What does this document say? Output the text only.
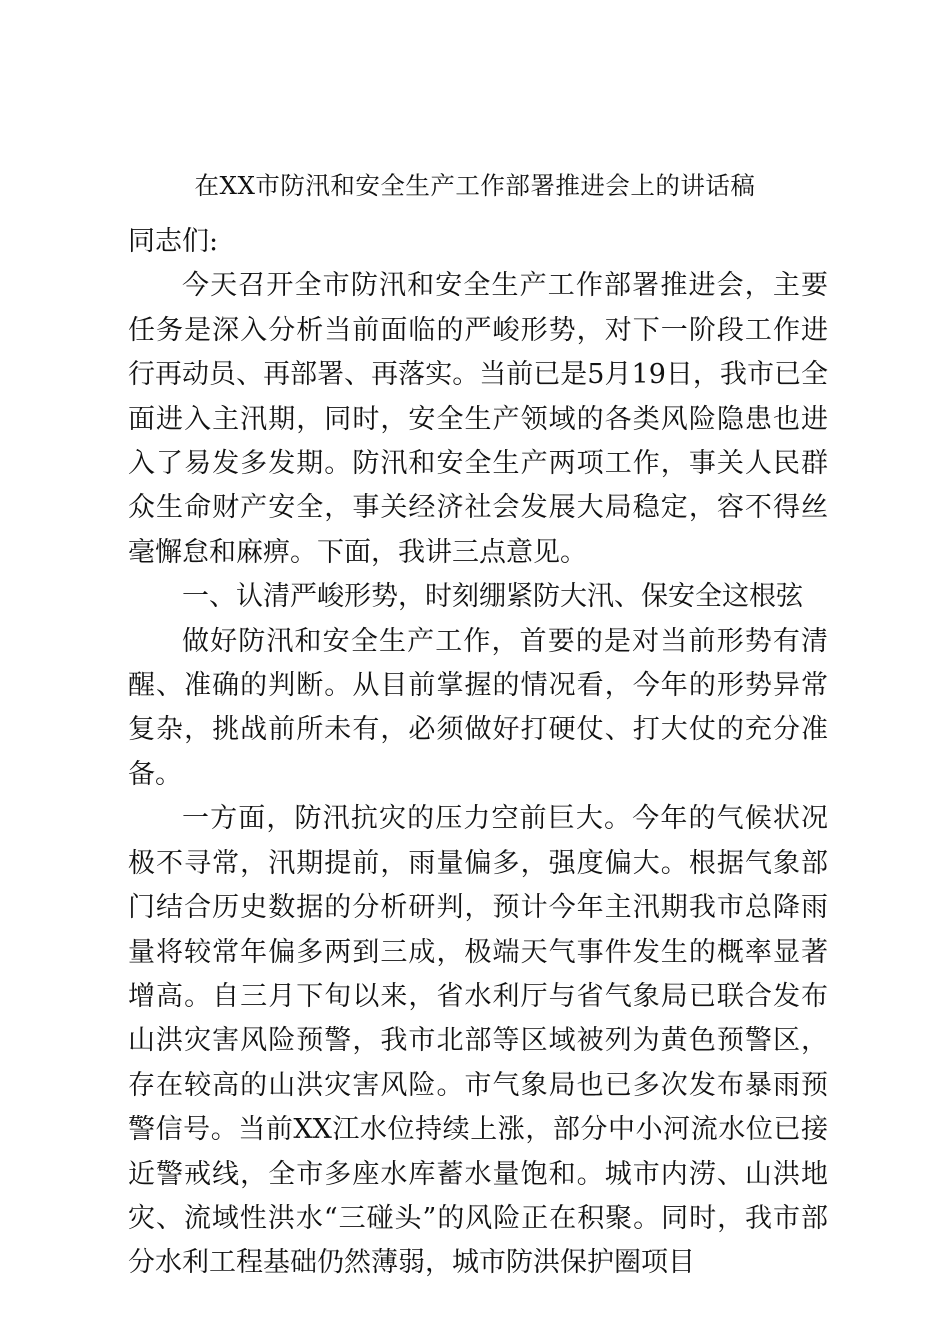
在XX市防汛和安全生产工作部署推进会上的讲话稿

同志们:

今天召开全市防汛和安全生产工作部署推进会，主要任务是深入分析当前面临的严峻形势，对下一阶段工作进行再动员、再部署、再落实。当前已是5月19日，我市已全面进入主汛期，同时，安全生产领域的各类风险隐患也进入了易发多发期。防汛和安全生产两项工作，事关人民群众生命财产安全，事关经济社会发展大局稳定，容不得丝毫懈怠和麻痹。下面，我讲三点意见。

一、认清严峻形势，时刻绷紧防大汛、保安全这根弦

做好防汛和安全生产工作，首要的是对当前形势有清醒、准确的判断。从目前掌握的情况看，今年的形势异常复杂，挑战前所未有，必须做好打硬仗、打大仗的充分准备。

一方面，防汛抗灾的压力空前巨大。今年的气候状况极不寻常，汛期提前，雨量偏多，强度偏大。根据气象部门结合历史数据的分析研判，预计今年主汛期我市总降雨量将较常年偏多两到三成，极端天气事件发生的概率显著增高。自三月下旬以来，省水利厅与省气象局已联合发布山洪灾害风险预警，我市北部等区域被列为黄色预警区，存在较高的山洪灾害风险。市气象局也已多次发布暴雨预警信号。当前XX江水位持续上涨，部分中小河流水位已接近警戒线，全市多座水库蓄水量饱和。城市内涝、山洪地灾、流域性洪水“三碰头”的风险正在积聚。同时，我市部分水利工程基础仍然薄弱，城市防洪保护圈项目
